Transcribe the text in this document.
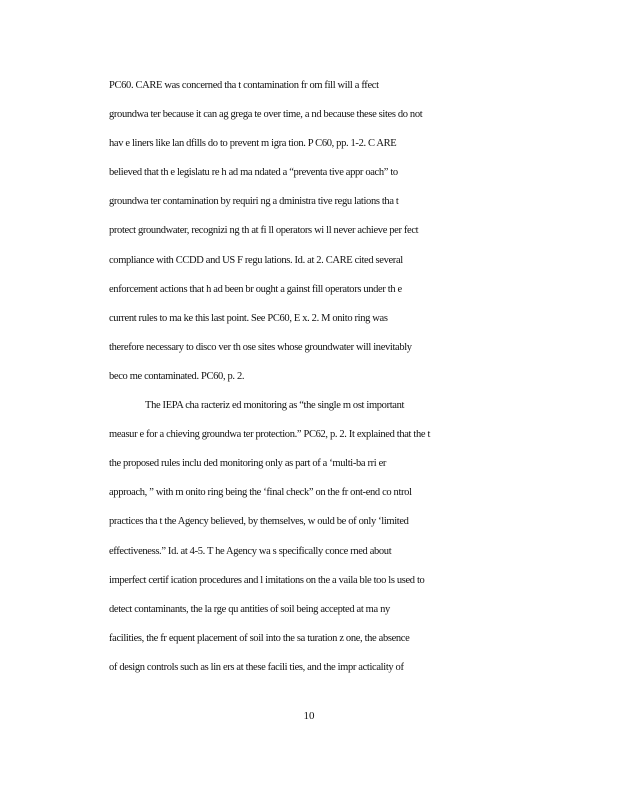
PC60. CARE was concerned tha t contamination fr om fill will a ffect
groundwa ter because it can ag grega te over time, a nd because these sites do not
hav e liners like lan dfills do to prevent m igra tion. P C60, pp. 1-2. C ARE
believed that th e legislatu re h ad ma ndated a “preventa tive appr oach” to
groundwa ter contamination by requiri ng a dministra tive regu lations tha t
protect groundwater, recognizi ng th at fi ll operators wi ll never achieve per fect
compliance with CCDD and US F regu lations. Id. at 2. CARE cited several
enforcement actions that h ad been br ought a gainst fill operators under th e
current rules to ma ke this last point. See PC60, E x. 2. M onito ring was
therefore necessary to disco ver th ose sites whose groundwater will inevitably
beco me contaminated. PC60, p. 2.
The IEPA cha racteriz ed monitoring as “the single m ost important
measur e for a chieving groundwa ter protection.” PC62, p. 2. It explained that the t
the proposed rules inclu ded monitoring only as part of a ‘multi-ba rri er
approach, ” with m onito ring being the ‘final check” on the fr ont-end co ntrol
practices tha t the Agency believed, by themselves, w ould be of only ‘limited
effectiveness.” Id. at 4-5. T he Agency wa s specifically conce rned about
imperfect certif ication procedures and l imitations on the a vaila ble too ls used to
detect contaminants, the la rge qu antities of soil being accepted at ma ny
facilities, the fr equent placement of soil into the sa turation z one, the absence
of design controls such as lin ers at these facili ties, and the impr acticality of
10
